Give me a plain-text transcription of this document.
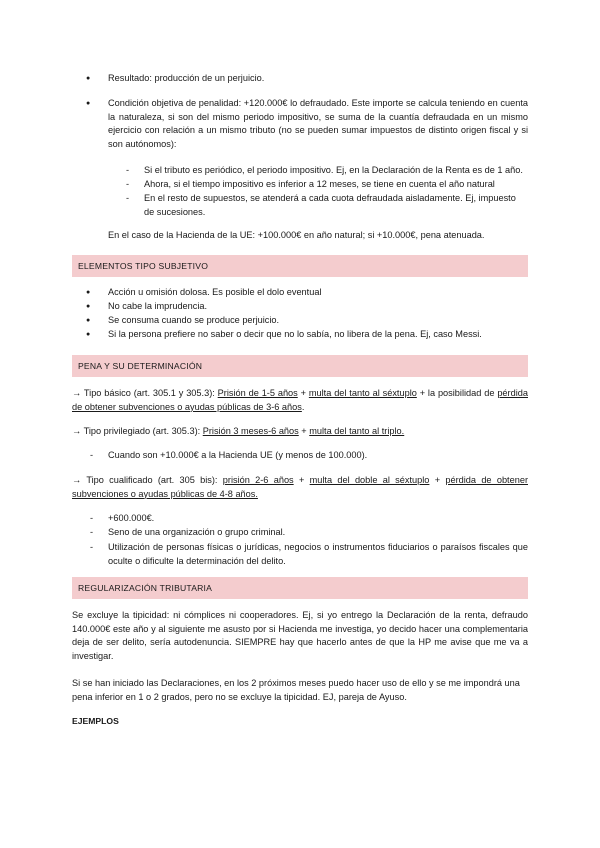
● Resultado: producción de un perjuicio.
● Condición objetiva de penalidad: +120.000€ lo defraudado. Este importe se calcula teniendo en cuenta la naturaleza, si son del mismo periodo impositivo, se suma de la cuantía defraudada en un mismo ejercicio con relación a un mismo tributo (no se pueden sumar impuestos de distinto origen fiscal y si son autónomos):
- Si el tributo es periódico, el periodo impositivo. Ej, en la Declaración de la Renta es de 1 año.
- Ahora, si el tiempo impositivo es inferior a 12 meses, se tiene en cuenta el año natural
- En el resto de supuestos, se atenderá a cada cuota defraudada aisladamente. Ej, impuesto de sucesiones.
En el caso de la Hacienda de la UE: +100.000€ en año natural; si +10.000€, pena atenuada.
ELEMENTOS TIPO SUBJETIVO
● Acción u omisión dolosa. Es posible el dolo eventual
● No cabe la imprudencia.
● Se consuma cuando se produce perjuicio.
● Si la persona prefiere no saber o decir que no lo sabía, no libera de la pena. Ej, caso Messi.
PENA Y SU DETERMINACIÓN
→ Tipo básico (art. 305.1 y 305.3): Prisión de 1-5 años + multa del tanto al séxtuplo + la posibilidad de pérdida de obtener subvenciones o ayudas públicas de 3-6 años.
→ Tipo privilegiado (art. 305.3): Prisión 3 meses-6 años + multa del tanto al triplo.
- Cuando son +10.000€ a la Hacienda UE (y menos de 100.000).
→ Tipo cualificado (art. 305 bis): prisión 2-6 años + multa del doble al séxtuplo + pérdida de obtener subvenciones o ayudas públicas de 4-8 años.
- +600.000€.
- Seno de una organización o grupo criminal.
- Utilización de personas físicas o jurídicas, negocios o instrumentos fiduciarios o paraísos fiscales que oculte o dificulte la determinación del delito.
REGULARIZACIÓN TRIBUTARIA
Se excluye la tipicidad: ni cómplices ni cooperadores. Ej, si yo entrego la Declaración de la renta, defraudo 140.000€ este año y al siguiente me asusto por si Hacienda me investiga, yo decido hacer una complementaria deja de ser delito, sería autodenuncia. SIEMPRE hay que hacerlo antes de que la HP me avise que me va a investigar.
Si se han iniciado las Declaraciones, en los 2 próximos meses puedo hacer uso de ello y se me impondrá una pena inferior en 1 o 2 grados, pero no se excluye la tipicidad. EJ, pareja de Ayuso.
EJEMPLOS
